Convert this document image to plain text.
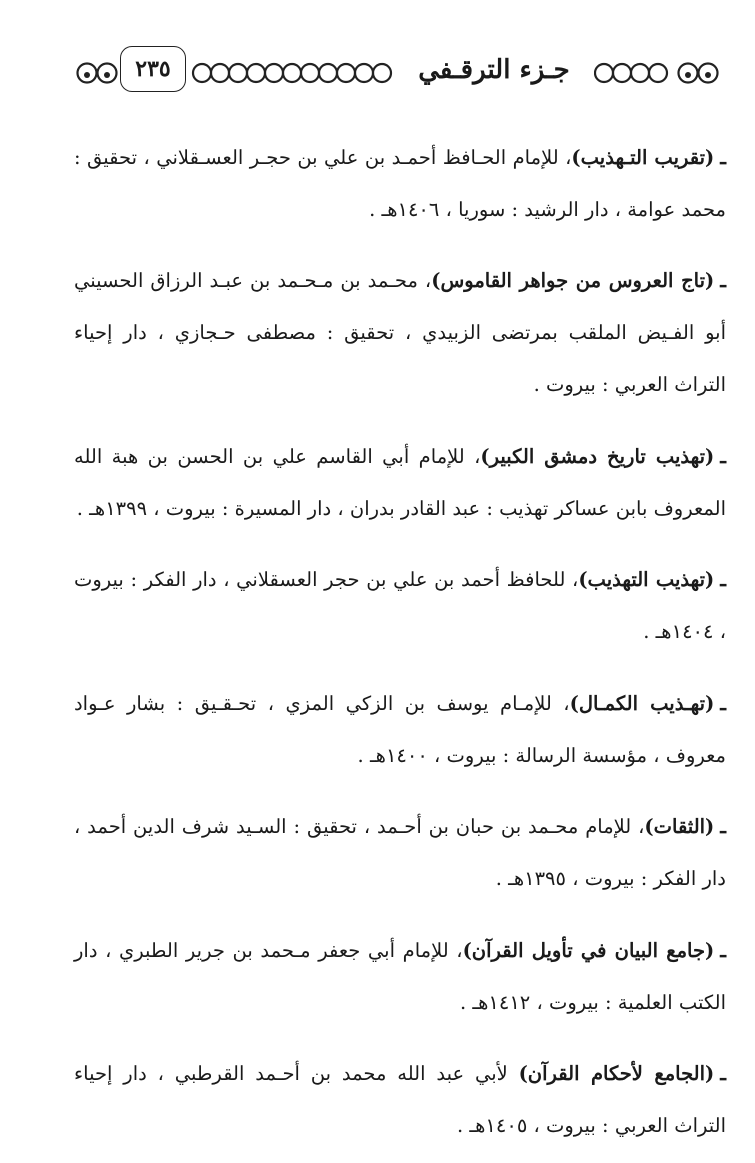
٢٣٥	جـزء الترقـفي

ـ(تقريب التـهذيب)، للإمام الحـافظ أحمـد بن علي بن حجـر العسـقلاني ، تحقيق : محمد عوامة ، دار الرشيد : سوريا ، ١٤٠٦هـ .

ـ(تاج العروس من جواهر القاموس)، محـمد بن مـحـمد بن عبـد الرزاق الحسيني أبو الفـيض الملقب بمرتضى الزبيدي ، تحقيق : مصطفى حـجازي ، دار إحياء التراث العربي : بيروت .

ـ(تهذيب تاريخ دمشق الكبير)، للإمام أبي القاسم علي بن الحسن بن هبة الله المعروف بابن عساكر تهذيب : عبد القادر بدران ، دار المسيرة : بيروت ، ١٣٩٩هـ .

ـ(تهذيب التهذيب)، للحافظ أحمد بن علي بن حجر العسقلاني ، دار الفكر : بيروت ، ١٤٠٤هـ .

ـ(تهـذيب الكمـال)، للإمـام يوسف بن الزكي المزي ، تحـقـيق : بشار عـواد معروف ، مؤسسة الرسالة : بيروت ، ١٤٠٠هـ .

ـ(الثقات)، للإمام محـمد بن حبان بن أحـمد ، تحقيق : السـيد شرف الدين أحمد ، دار الفكر : بيروت ، ١٣٩٥هـ .

ـ(جامع البيان في تأويل القرآن)، للإمام أبي جعفر مـحمد بن جرير الطبري ، دار الكتب العلمية : بيروت ، ١٤١٢هـ .

ـ(الجامع لأحكام القرآن) لأبي عبد الله محمد بن أحـمد القرطبي ، دار إحياء التراث العربي : بيروت ، ١٤٠٥هـ .
